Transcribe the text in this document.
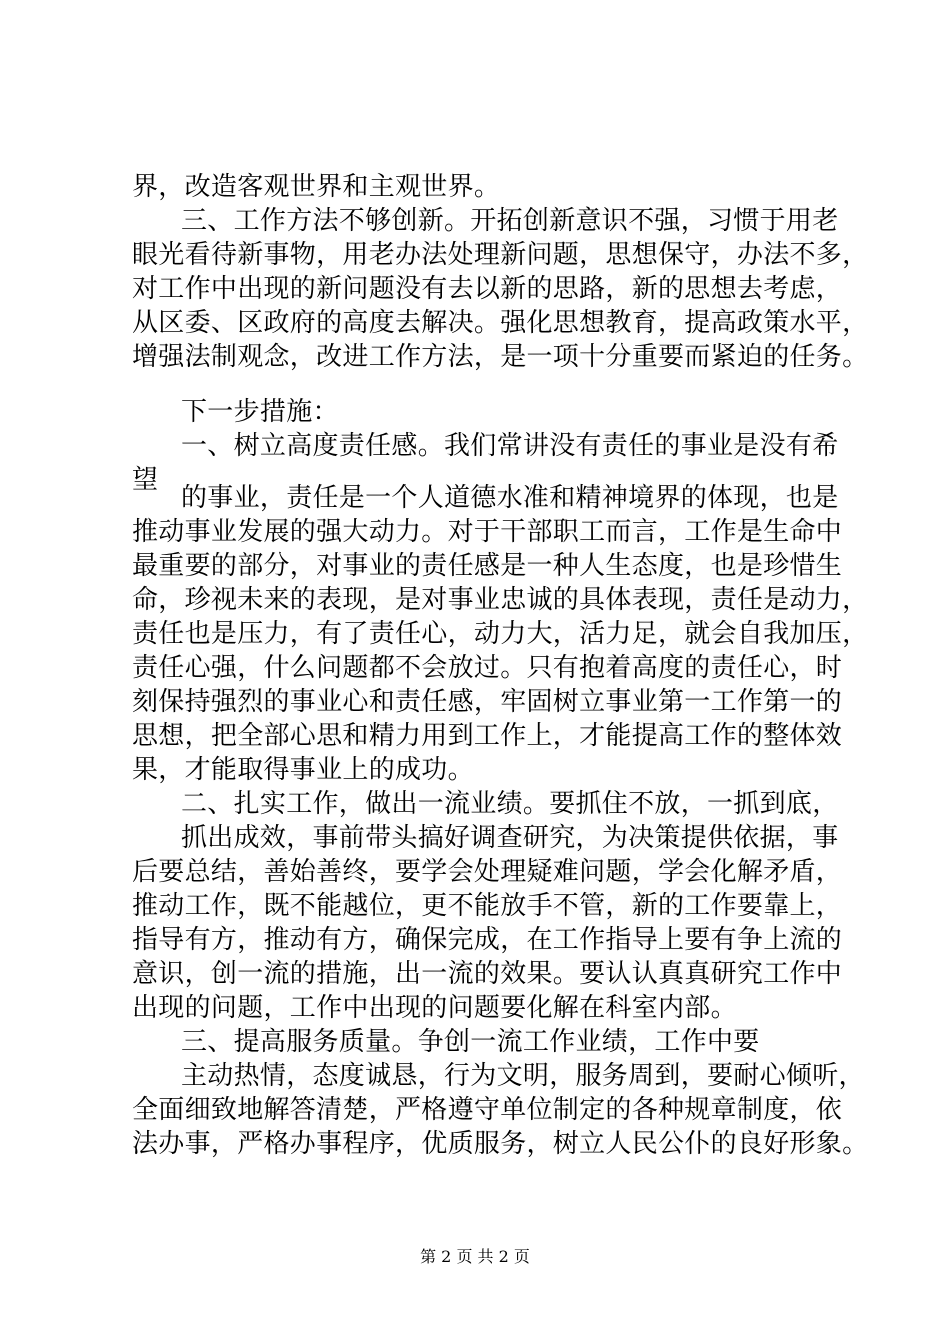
界，改造客观世界和主观世界。
三、工作方法不够创新。开拓创新意识不强，习惯于用老
眼光看待新事物，用老办法处理新问题，思想保守，办法不多，
对工作中出现的新问题没有去以新的思路，新的思想去考虑，
从区委、区政府的高度去解决。强化思想教育，提高政策水平，
增强法制观念，改进工作方法，是一项十分重要而紧迫的任务。
下一步措施：
一、树立高度责任感。我们常讲没有责任的事业是没有希
望
的事业，责任是一个人道德水准和精神境界的体现，也是
推动事业发展的强大动力。对于干部职工而言，工作是生命中
最重要的部分，对事业的责任感是一种人生态度，也是珍惜生
命，珍视未来的表现，是对事业忠诚的具体表现，责任是动力，
责任也是压力，有了责任心，动力大，活力足，就会自我加压，
责任心强，什么问题都不会放过。只有抱着高度的责任心，时
刻保持强烈的事业心和责任感，牢固树立事业第一工作第一的
思想，把全部心思和精力用到工作上，才能提高工作的整体效
果，才能取得事业上的成功。
二、扎实工作，做出一流业绩。要抓住不放，一抓到底，
抓出成效，事前带头搞好调查研究，为决策提供依据，事
后要总结，善始善终，要学会处理疑难问题，学会化解矛盾，
推动工作，既不能越位，更不能放手不管，新的工作要靠上，
指导有方，推动有方，确保完成，在工作指导上要有争上流的
意识，创一流的措施，出一流的效果。要认认真真研究工作中
出现的问题，工作中出现的问题要化解在科室内部。
三、提高服务质量。争创一流工作业绩，工作中要
主动热情，态度诚恳，行为文明，服务周到，要耐心倾听，
全面细致地解答清楚，严格遵守单位制定的各种规章制度，依
法办事，严格办事程序，优质服务，树立人民公仆的良好形象。
第 2 页 共 2 页
